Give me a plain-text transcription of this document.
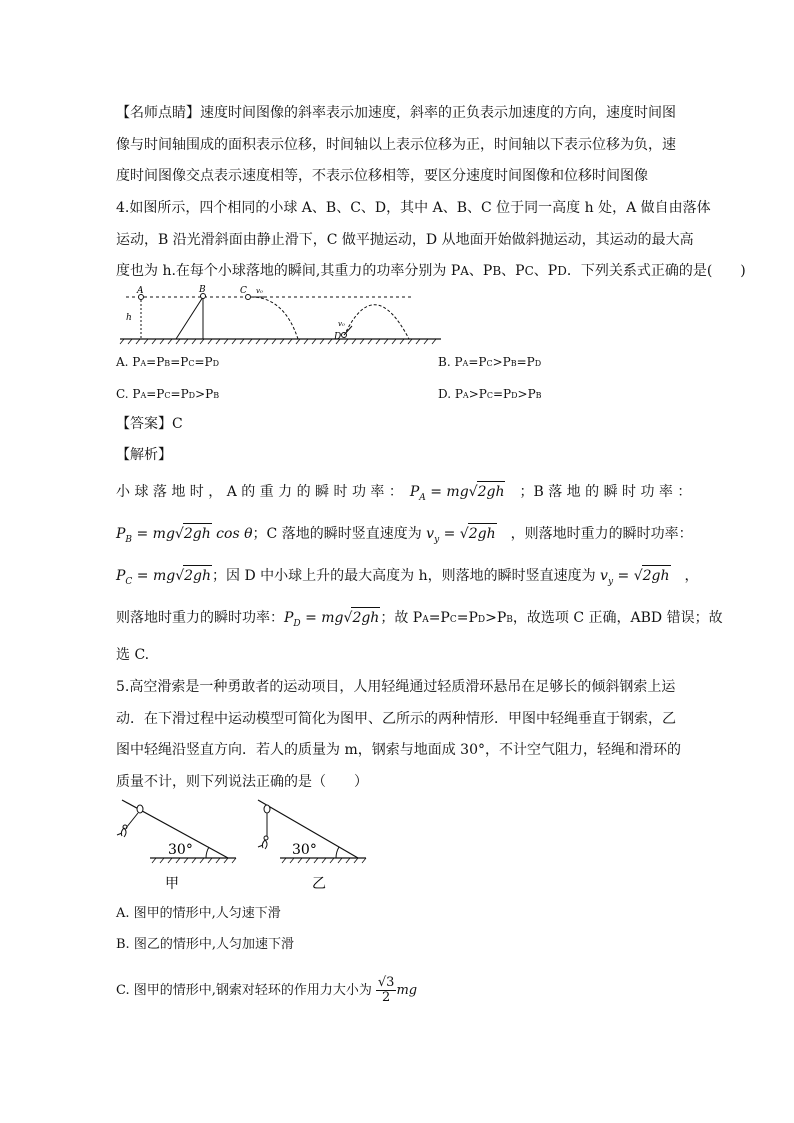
【名师点睛】速度时间图像的斜率表示加速度，斜率的正负表示加速度的方向，速度时间图
像与时间轴围成的面积表示位移，时间轴以上表示位移为正，时间轴以下表示位移为负，速
度时间图像交点表示速度相等，不表示位移相等，要区分速度时间图像和位移时间图像
4.如图所示，四个相同的小球 A、B、C、D，其中 A、B、C 位于同一高度 h 处，A 做自由落体
运动，B 沿光滑斜面由静止滑下，C 做平抛运动，D 从地面开始做斜抛运动，其运动的最大高
度也为 h.在每个小球落地的瞬间,其重力的功率分别为 PA、PB、PC、PD．下列关系式正确的是(　　)
A
h
B	C v₀
D
v₀
A. PA=PB=PC=PD	B. PA=PC>PB=PD
C. PA=PC=PD>PB	D. PA>PC=PD>PB
【答案】C
【解析】
小 球 落 地 时 ， A 的 重 力 的 瞬 时 功 率 ：　 $P_A = mg√2gh$　 ；B 落 地 的 瞬 时 功 率 ：
$P_B = mg√2gh$ cos θ；C 落地的瞬时竖直速度为 $v_y = √2gh$　 ，则落地时重力的瞬时功率：
$P_C = mg√2gh$；因 D 中小球上升的最大高度为 h，则落地的瞬时竖直速度为 $v_y = √2gh$　，
则落地时重力的瞬时功率：$P_D = mg√2gh$；故 PA=PC=PD>PB，故选项 C 正确，ABD 错误；故
选 C.
5.高空滑索是一种勇敢者的运动项目，人用轻绳通过轻质滑环悬吊在足够长的倾斜钢索上运
动．在下滑过程中运动模型可简化为图甲、乙所示的两种情形．甲图中轻绳垂直于钢索，乙
图中轻绳沿竖直方向．若人的质量为 m，钢索与地面成 30°，不计空气阻力，轻绳和滑环的
质量不计，则下列说法正确的是（　　）
30°
甲
30°
乙
A. 图甲的情形中,人匀速下滑
B. 图乙的情形中,人匀加速下滑
C. 图甲的情形中,钢索对轻环的作用力大小为 $\frac{√3}{2}$ mg
